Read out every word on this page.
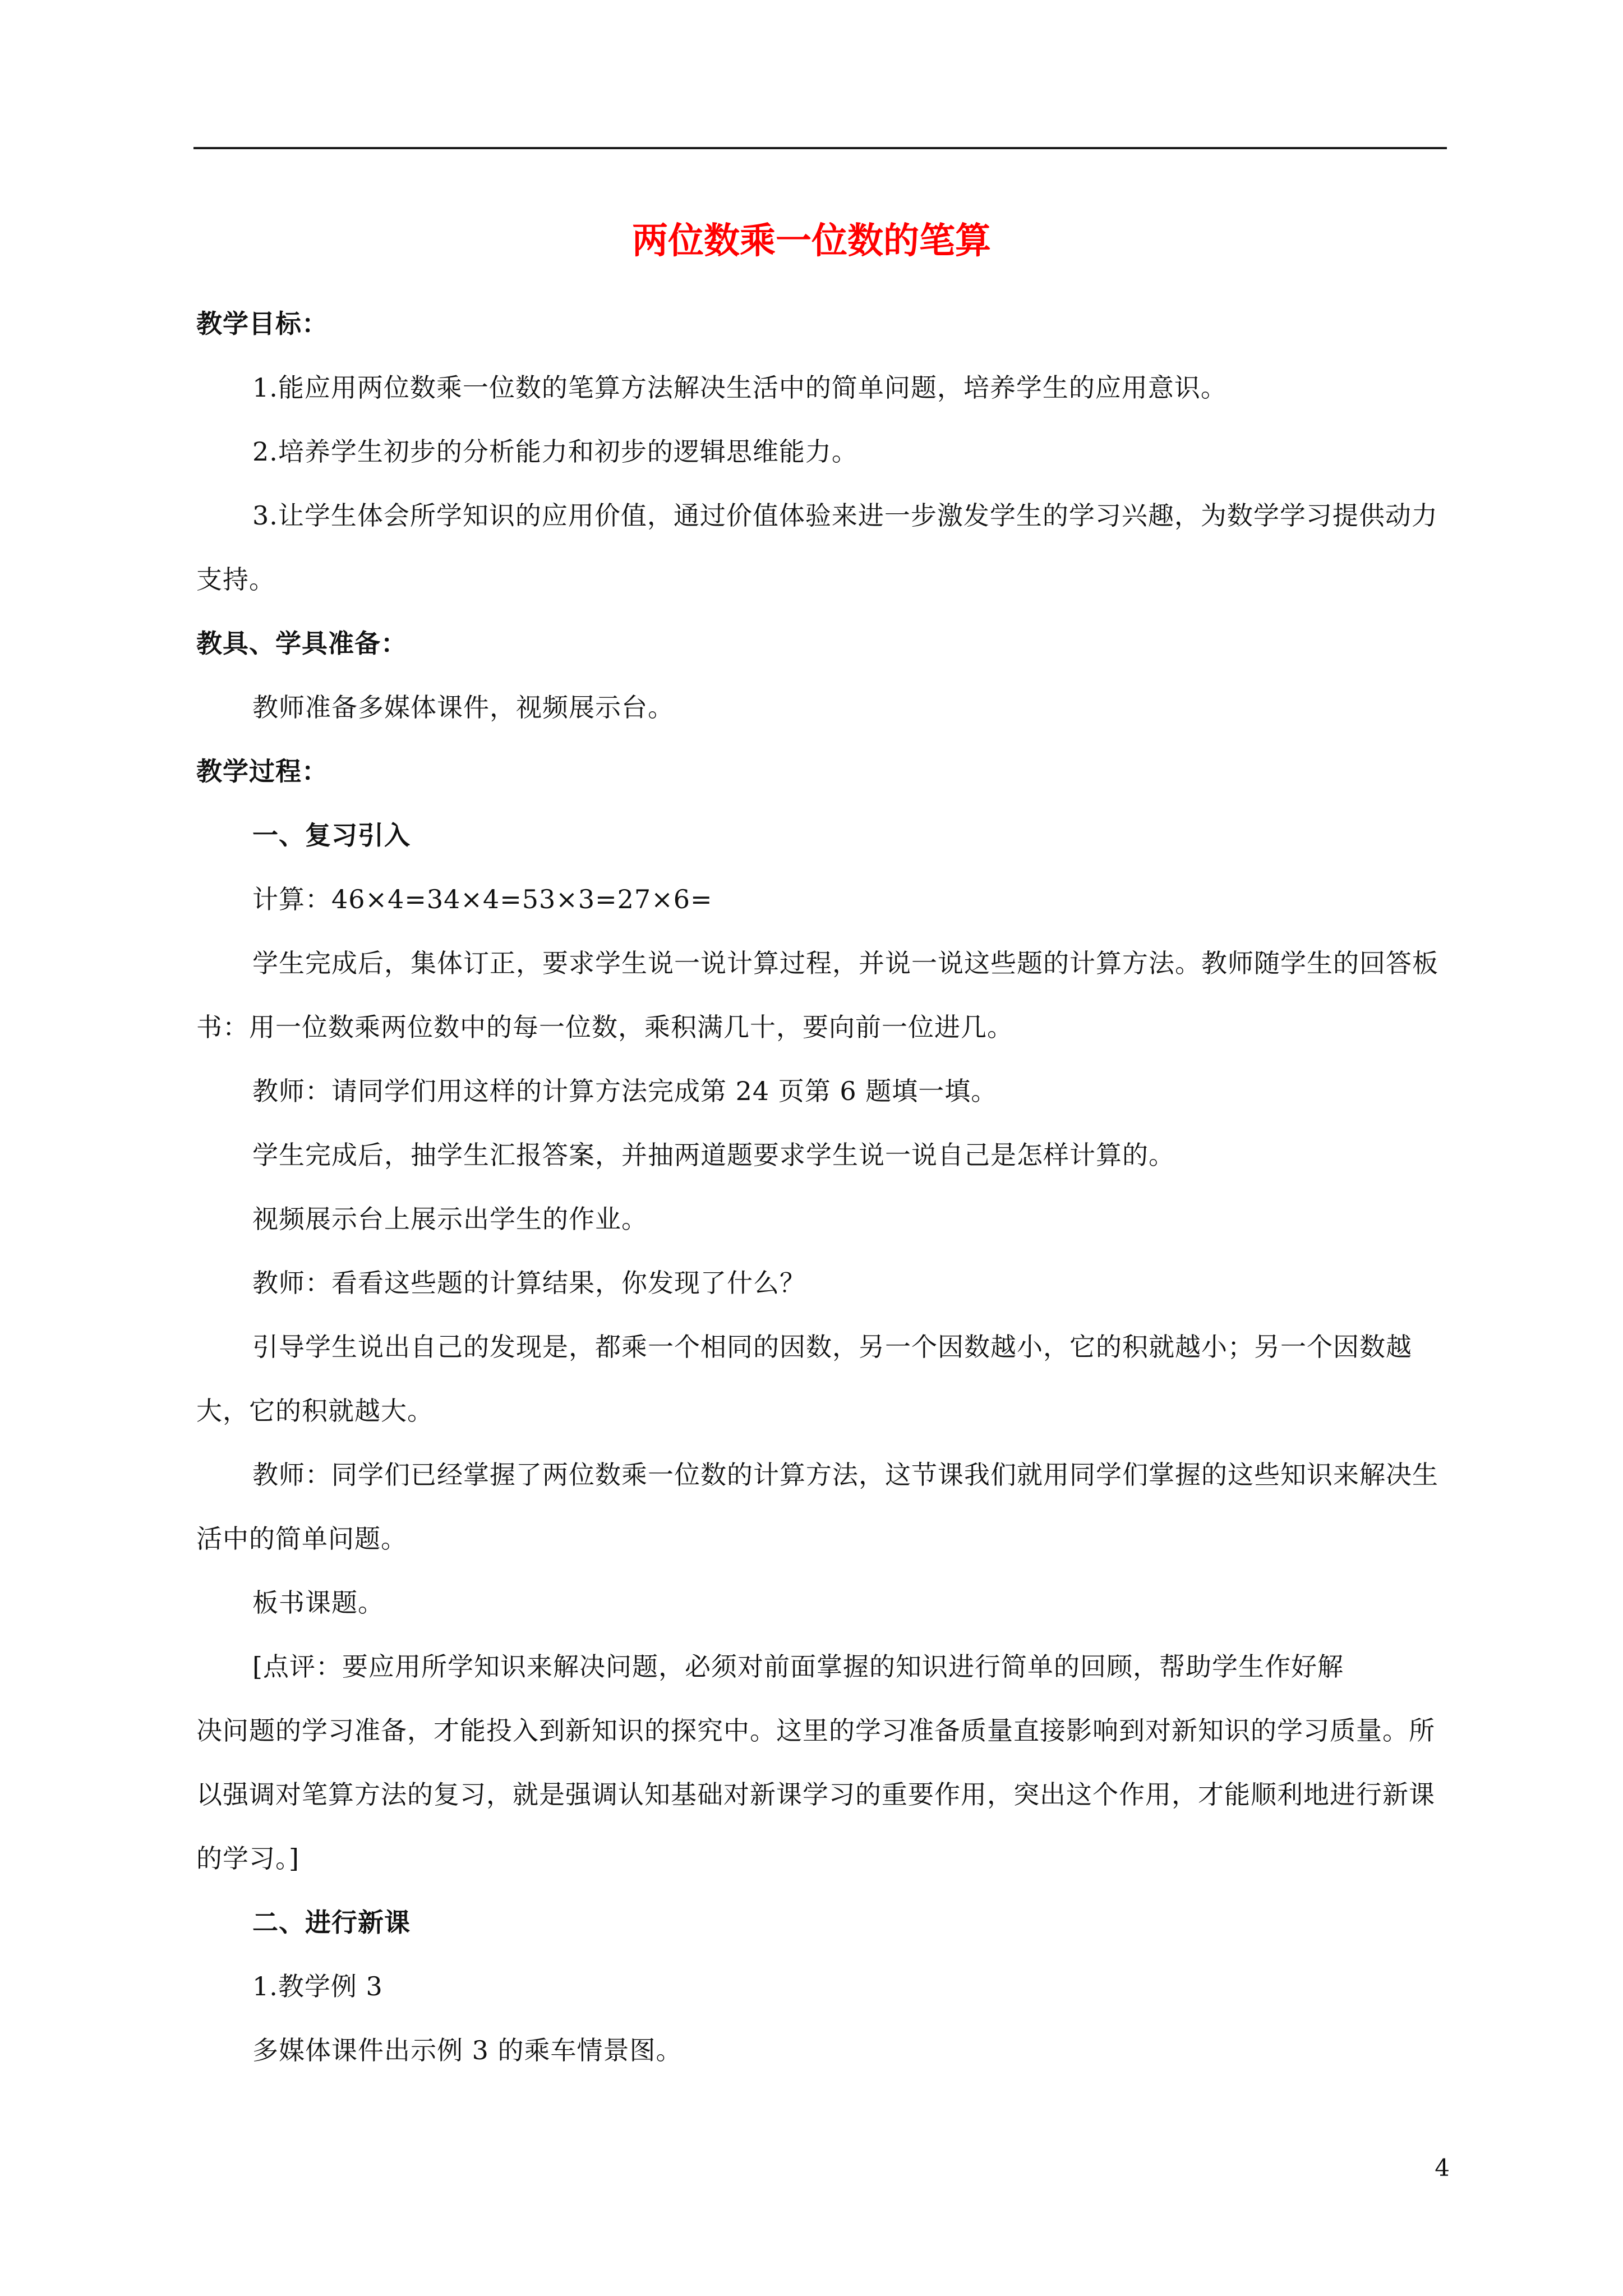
两位数乘一位数的笔算

教学目标：

1.能应用两位数乘一位数的笔算方法解决生活中的简单问题，培养学生的应用意识。

2.培养学生初步的分析能力和初步的逻辑思维能力。

3.让学生体会所学知识的应用价值，通过价值体验来进一步激发学生的学习兴趣，为数学学习提供动力支持。

教具、学具准备：

教师准备多媒体课件，视频展示台。

教学过程：

一、复习引入

计算：46×4=34×4=53×3=27×6=

学生完成后，集体订正，要求学生说一说计算过程，并说一说这些题的计算方法。教师随学生的回答板书：用一位数乘两位数中的每一位数，乘积满几十，要向前一位进几。

教师：请同学们用这样的计算方法完成第 24 页第 6 题填一填。

学生完成后，抽学生汇报答案，并抽两道题要求学生说一说自己是怎样计算的。

视频展示台上展示出学生的作业。

教师：看看这些题的计算结果，你发现了什么？

引导学生说出自己的发现是，都乘一个相同的因数，另一个因数越小，它的积就越小；另一个因数越大，它的积就越大。

教师：同学们已经掌握了两位数乘一位数的计算方法，这节课我们就用同学们掌握的这些知识来解决生活中的简单问题。

板书课题。

[点评：要应用所学知识来解决问题，必须对前面掌握的知识进行简单的回顾，帮助学生作好解
决问题的学习准备，才能投入到新知识的探究中。这里的学习准备质量直接影响到对新知识的学习质量。所以强调对笔算方法的复习，就是强调认知基础对新课学习的重要作用，突出这个作用，才能顺利地进行新课的学习。]

二、进行新课

1.教学例 3

多媒体课件出示例 3 的乘车情景图。

4
